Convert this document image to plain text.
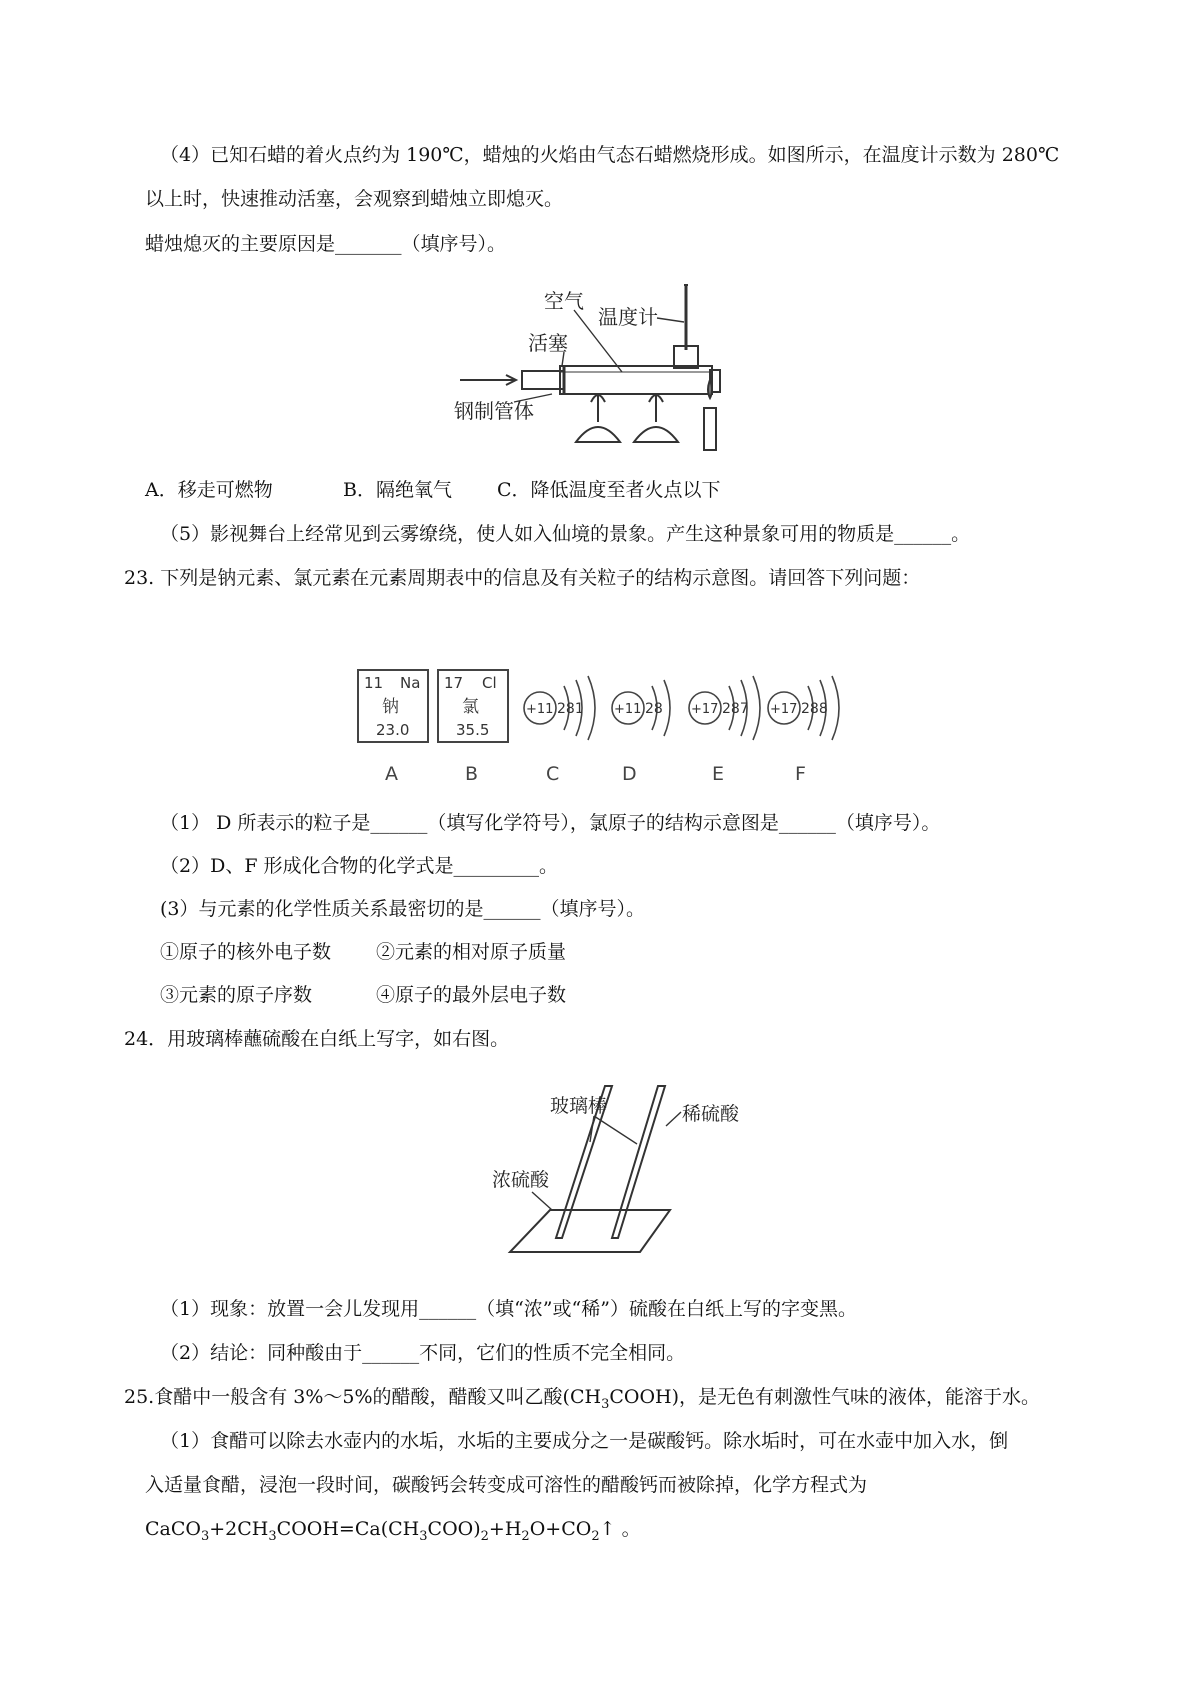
（4）已知石蜡的着火点约为 190℃，蜡烛的火焰由气态石蜡燃烧形成。如图所示，在温度计示数为 280℃
以上时，快速推动活塞，会观察到蜡烛立即熄灭。
蜡烛熄灭的主要原因是_______（填序号）。
空气
温度计
活塞
钢制管体
A．移走可燃物	B．隔绝氧气 C．降低温度至者火点以下
（5）影视舞台上经常见到云雾缭绕，使人如入仙境的景象。产生这种景象可用的物质是______。
23. 下列是钠元素、氯元素在元素周期表中的信息及有关粒子的结构示意图。请回答下列问题：
11 Na
钠
23.0
17 Cl
氯
35.5
+11 281 +11 28 +17 287 +17 288
A	B	C	D	E	F
（1） D 所表示的粒子是______（填写化学符号），氯原子的结构示意图是______（填序号）。
（2）D、F 形成化合物的化学式是_________。
(3）与元素的化学性质关系最密切的是______（填序号）。
①原子的核外电子数 ②元素的相对原子质量
③元素的原子序数	④原子的最外层电子数
24．用玻璃棒蘸硫酸在白纸上写字，如右图。
玻璃棒	稀硫酸
浓硫酸
（1）现象：放置一会儿发现用______（填“浓”或“稀”）硫酸在白纸上写的字变黑。
（2）结论：同种酸由于______不同，它们的性质不完全相同。
25.食醋中一般含有 3%～5%的醋酸，醋酸又叫乙酸$(CH_3COOH)$，是无色有刺激性气味的液体，能溶于水。
（1）食醋可以除去水壶内的水垢，水垢的主要成分之一是碳酸钙。除水垢时，可在水壶中加入水，倒
入适量食醋，浸泡一段时间，碳酸钙会转变成可溶性的醋酸钙而被除掉，化学方程式为
$CaCO_3+2CH_3COOH=Ca(CH_3COO)_2+H_2O+CO_2↑$ 。
